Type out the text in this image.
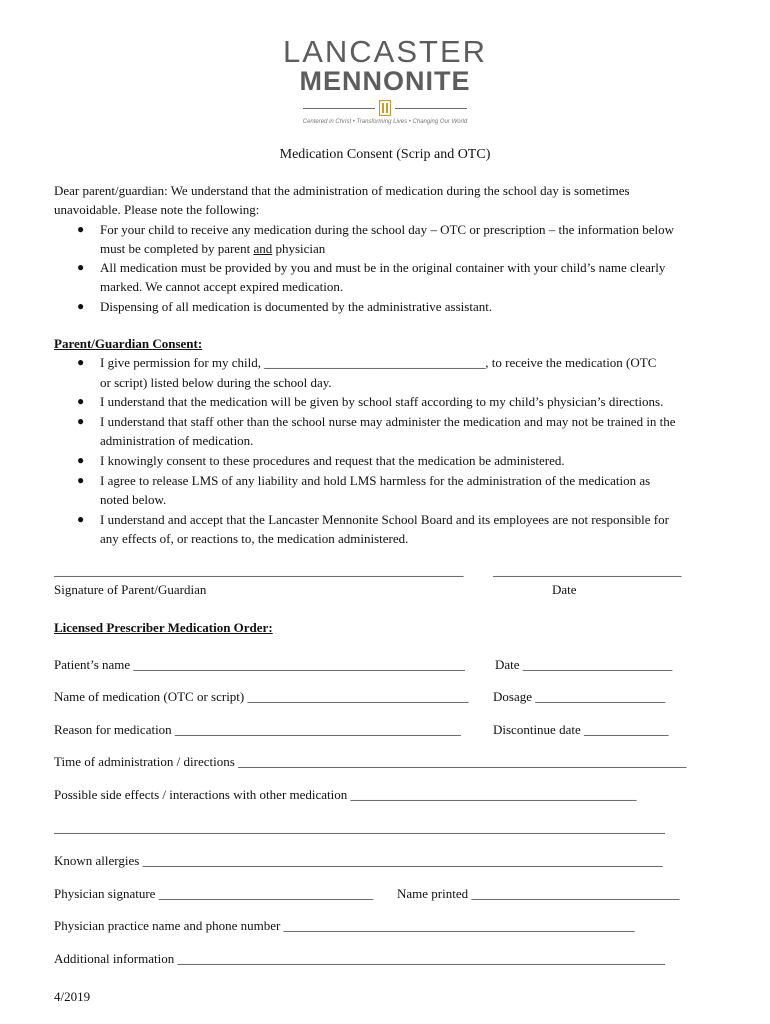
LANCASTER
MENNONITE
Centered in Christ • Transforming Lives • Changing Our World
Medication Consent (Scrip and OTC)
Dear parent/guardian: We understand that the administration of medication during the school day is sometimes
unavoidable. Please note the following:
● For your child to receive any medication during the school day – OTC or prescription – the information below
must be completed by parent and physician
● All medication must be provided by you and must be in the original container with your child’s name clearly
marked. We cannot accept expired medication.
● Dispensing of all medication is documented by the administrative assistant.
Parent/Guardian Consent:
● I give permission for my child, __________________________________, to receive the medication (OTC
or script) listed below during the school day.
● I understand that the medication will be given by school staff according to my child’s physician’s directions.
● I understand that staff other than the school nurse may administer the medication and may not be trained in the
administration of medication.
● I knowingly consent to these procedures and request that the medication be administered.
● I agree to release LMS of any liability and hold LMS harmless for the administration of the medication as
noted below.
● I understand and accept that the Lancaster Mennonite School Board and its employees are not responsible for
any effects of, or reactions to, the medication administered.
_______________________________________________________________ _____________________________
Signature of Parent/Guardian	Date
Licensed Prescriber Medication Order:
Patient’s name ___________________________________________________ Date _______________________
Name of medication (OTC or script) __________________________________ Dosage ____________________
Reason for medication ____________________________________________ Discontinue date _____________
Time of administration / directions _____________________________________________________________________
Possible side effects / interactions with other medication ____________________________________________
______________________________________________________________________________________________
Known allergies ________________________________________________________________________________
Physician signature _________________________________ Name printed ________________________________
Physician practice name and phone number ______________________________________________________
Additional information ___________________________________________________________________________
4/2019
